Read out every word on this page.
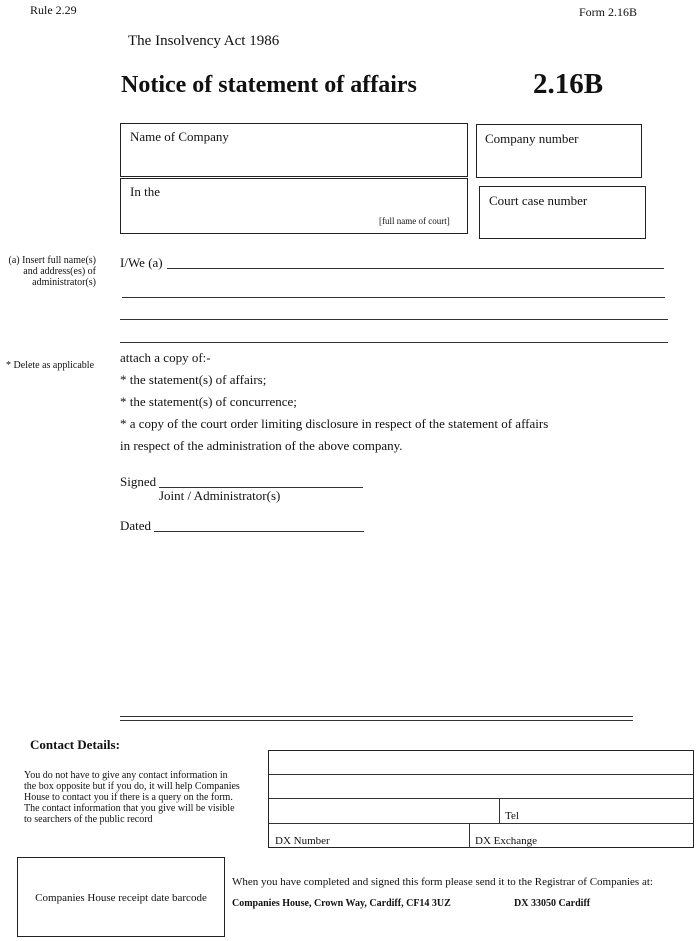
Rule 2.29	Form 2.16B
The Insolvency Act 1986
Notice of statement of affairs	2.16B
Name of Company	Company number
In the
[full name of court]
Court case number
(a) Insert full name(s)
and address(es) of
administrator(s)
* Delete as applicable
I/We (a)
attach a copy of:-
* the statement(s) of affairs;
* the statement(s) of concurrence;
* a copy of the court order limiting disclosure in respect of the statement of affairs
in respect of the administration of the above company.
Signed
Joint / Administrator(s)
Dated
Contact Details:
You do not have to give any contact information in
the box opposite but if you do, it will help Companies
House to contact you if there is a query on the form.
The contact information that you give will be visible
to searchers of the public record	Tel
DX Number	DX Exchange
Companies House receipt date barcode
When you have completed and signed this form please send it to the Registrar of Companies at:
Companies House, Crown Way, Cardiff, CF14 3UZ	DX 33050 Cardiff
